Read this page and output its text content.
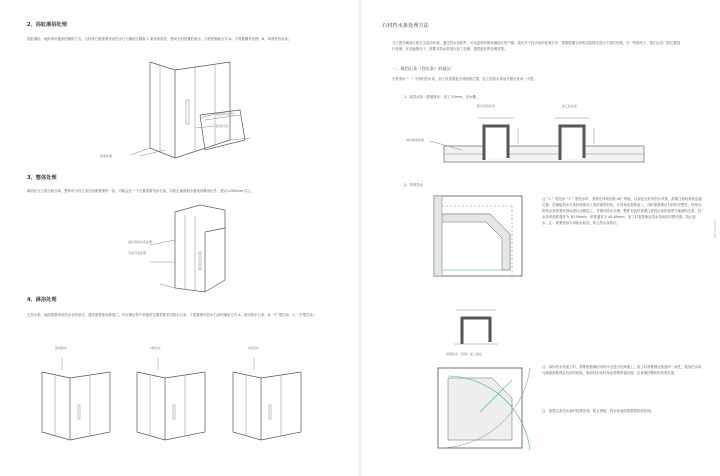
2、浴缸淋浴处理
浴缸淋浴，地砖采用通常的铺贴方式，石材或石板需要采用挡水石与淋浴区隔离 1 厘米的高差，使用石材预置的流水，石材的铺贴方式 A、不需要额外处理，B、单面有挡水条。
淋浴屏与石材
挡水石条
高差处理
3、整体处理
淋浴区与卫浴空间分离，整体的小样卫浴空间需要保持一致，可能会在一个位置需要挡水石条，以防止地面积水蔓延到淋浴区外，建议<200mm 以上。
淋浴屏挡水条处理
无需石条处理
4、淋浴处理
无挡水条，地面需要采用挡水石的形式，通常需要使用淋浴门，可以保证每个单独的位置需要采用挡水石条，不需要使用挡水石条的铺贴方式 A、使用挡水石条：B、“Γ”型挡水；C、“L”型挡水。
直线挡水	Γ型挡水	L型挡水
—
石材挡水条处理方法
为了提升淋浴区的卫生清洁环境，通过挡水条防护，可以更好的保持淋浴区的干燥，我们对于挡水条的处理方法，需要根据空间的实际情况进行不同的处理。在一些情况下，我们会在门的位置进行处理，在其他情况下，需要对挡水条进行加工处理，提供更好的处理效果。
一、排挡石条（挡水条）的做法：
石材采用 “一” 字形的挡水条，加工时需要留出背面的位置，加工的挡水条形式建议采用一字型。
1、高挡水条（背面排水）加工 10mm，出水槽。
一般石材挡水条	加工挡水条
排水坡度处理
2、异形挡水
注 “ L ” 型挡水 “ Γ ” 型挡水时，需要在转角处做 45° 拼接，以保证良好的挡水效果，需要注意转角的连接位置，在铺贴挡水石条时需要加工成所需的形状，在转角处需要加工，同时需要保证石材的完整性，转角处的挡水条需要在现场进行切割加工，并做好防水处理。整体安装时需要注意挡水条的高度与地面的关系，挡水条的高度通常为 30-50mm，宽度通常为 40-60mm，加工时需要保证挡水条表面平整光滑，防止积水。注：需要使用专用胶水粘结，防止挡水条移位。
扇形挡水（异形）加工做法
注：扇形挡水条加工时，需要根据淋浴房的半径进行定制加工，加工时需要保证弧度的一致性，弧形挡水条与地面需要保证良好的衔接，弧形挡水条转角处需要拼接处理，注意保持整体的美观效果。
注：需要注意挡水条的防滑处理，防止滑倒，挡水条表面需要做防滑处理。
石材挡水条处理
